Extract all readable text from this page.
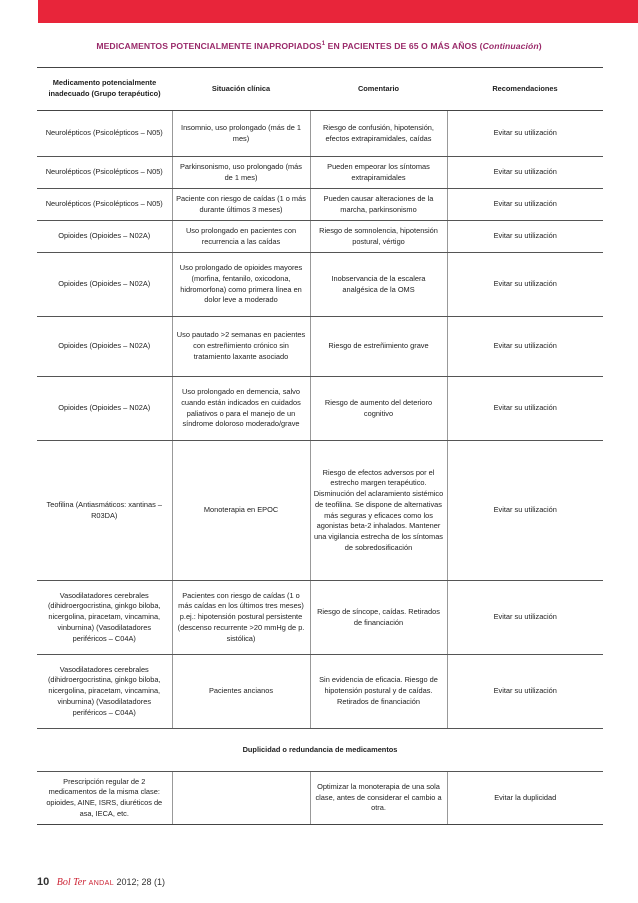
MEDICAMENTOS POTENCIALMENTE INAPROPIADOS$^1$ EN PACIENTES DE 65 O MÁS AÑOS (Continuación)
Medicamento potencialmente inadecuado (Grupo terapéutico)	Situación clínica	Comentario	Recomendaciones
Neurolépticos (Psicolépticos – N05)	Insomnio, uso prolongado (más de 1 mes)	Riesgo de confusión, hipotensión, efectos extrapiramidales, caídas	Evitar su utilización
Neurolépticos (Psicolépticos – N05)	Parkinsonismo, uso prolongado (más de 1 mes)	Pueden empeorar los síntomas extrapiramidales	Evitar su utilización
Neurolépticos (Psicolépticos – N05)	Paciente con riesgo de caídas (1 o más durante últimos 3 meses)	Pueden causar alteraciones de la marcha, parkinsonismo	Evitar su utilización
Opioides (Opioides – N02A)	Uso prolongado en pacientes con recurrencia a las caídas	Riesgo de somnolencia, hipotensión postural, vértigo	Evitar su utilización
Opioides (Opioides – N02A)	Uso prolongado de opioides mayores (morfina, fentanilo, oxicodona, hidromorfona) como primera línea en dolor leve a moderado	Inobservancia de la escalera analgésica de la OMS	Evitar su utilización
Opioides (Opioides – N02A)	Uso pautado >2 semanas en pacientes con estreñimiento crónico sin tratamiento laxante asociado	Riesgo de estreñimiento grave	Evitar su utilización
Opioides (Opioides – N02A)	Uso prolongado en demencia, salvo cuando están indicados en cuidados paliativos o para el manejo de un síndrome doloroso moderado/grave	Riesgo de aumento del deterioro cognitivo	Evitar su utilización
Teofilina (Antiasmáticos: xantinas – R03DA)	Monoterapia en EPOC	Riesgo de efectos adversos por el estrecho margen terapéutico. Disminución del aclaramiento sistémico de teofilina. Se dispone de alternativas más seguras y eficaces como los agonistas beta-2 inhalados. Mantener una vigilancia estrecha de los síntomas de sobredosificación	Evitar su utilización
Vasodilatadores cerebrales (dihidroergocristina, ginkgo biloba, nicergolina, piracetam, vincamina, vinburnina) (Vasodilatadores periféricos – C04A)	Pacientes con riesgo de caídas (1 o más caídas en los últimos tres meses) p.ej.: hipotensión postural persistente (descenso recurrente >20 mmHg de p. sistólica)	Riesgo de síncope, caídas. Retirados de financiación	Evitar su utilización
Vasodilatadores cerebrales (dihidroergocristina, ginkgo biloba, nicergolina, piracetam, vincamina, vinburnina) (Vasodilatadores periféricos – C04A)	Pacientes ancianos	Sin evidencia de eficacia. Riesgo de hipotensión postural y de caídas. Retirados de financiación	Evitar su utilización
Duplicidad o redundancia de medicamentos			
Prescripción regular de 2 medicamentos de la misma clase: opioides, AINE, ISRS, diuréticos de asa, IECA, etc.		Optimizar la monoterapia de una sola clase, antes de considerar el cambio a otra.	Evitar la duplicidad
10 Bol Ter ANDAL 2012; 28 (1)
